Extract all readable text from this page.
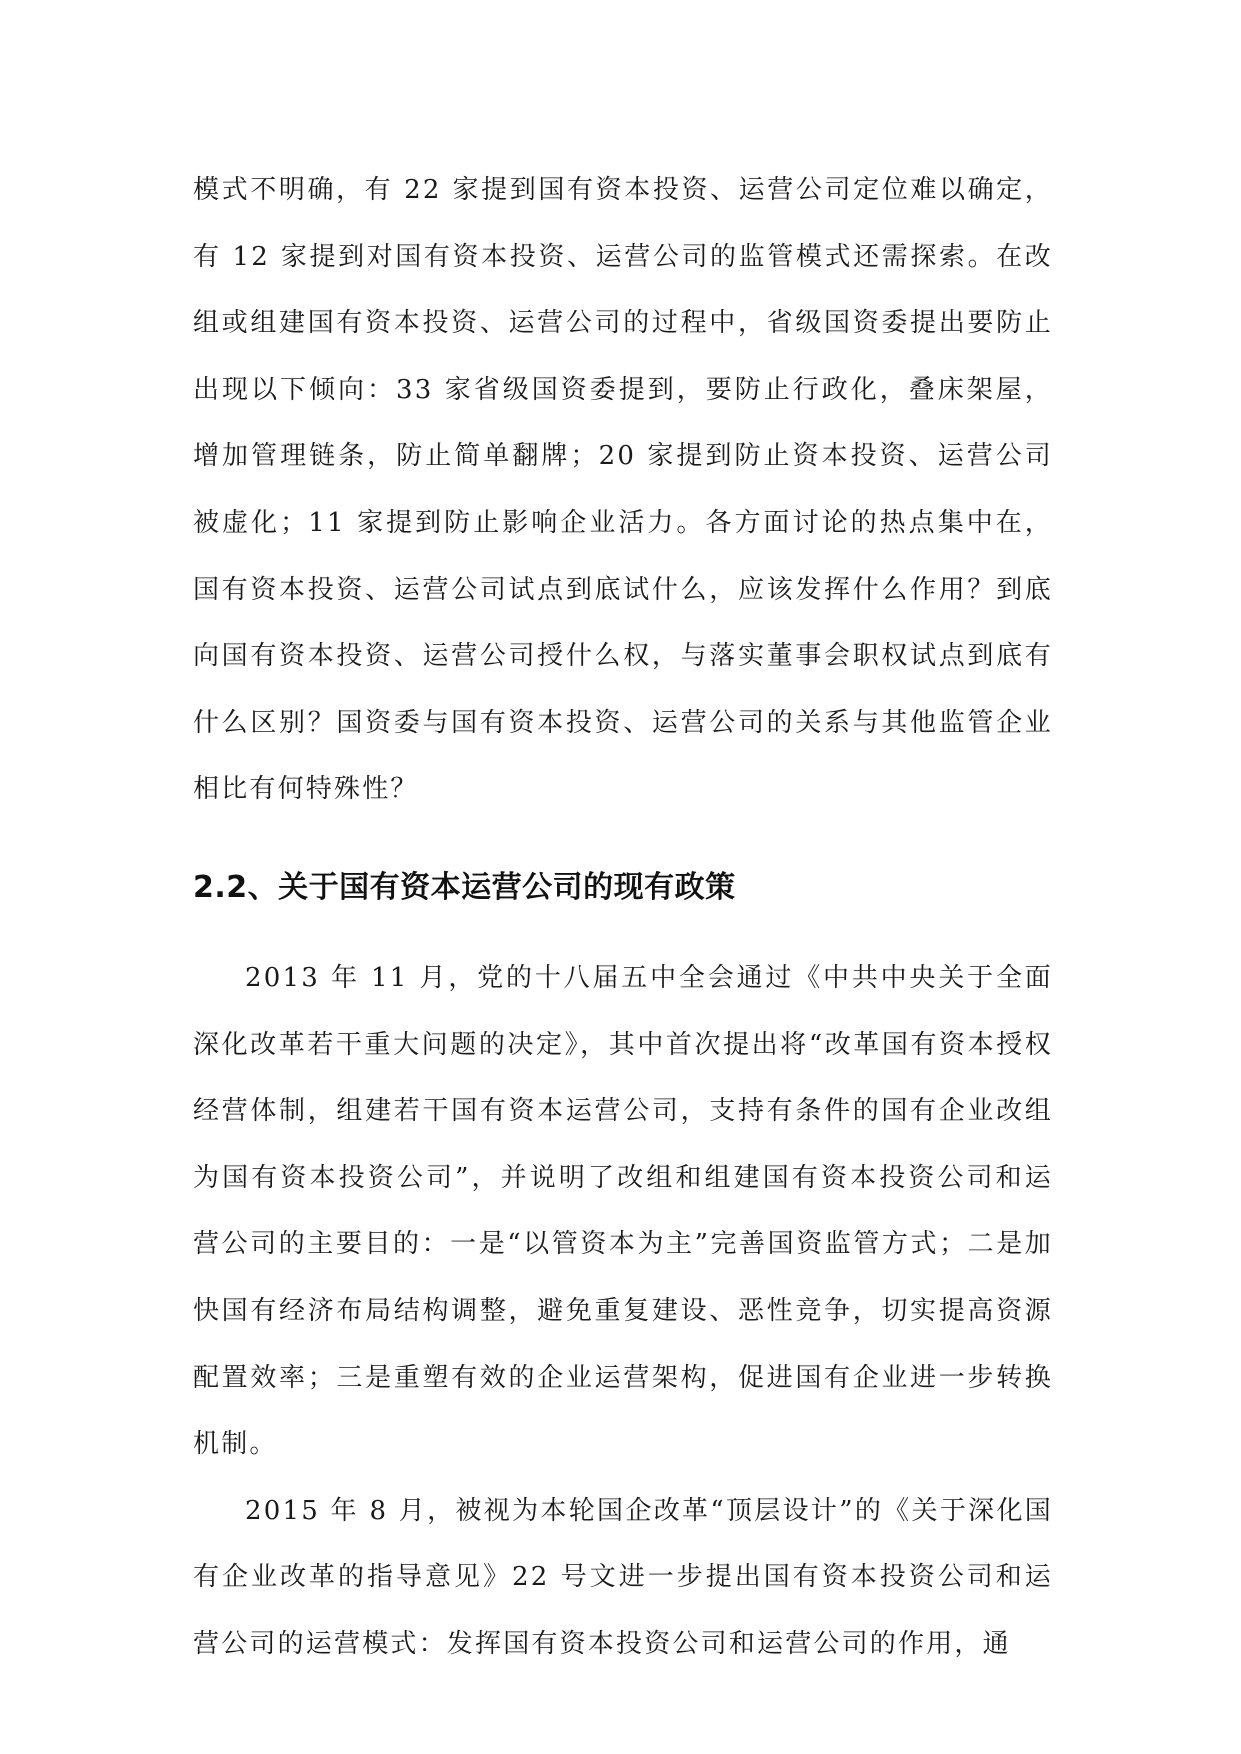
模式不明确，有 22 家提到国有资本投资、运营公司定位难以确定，有 12 家提到对国有资本投资、运营公司的监管模式还需探索。在改组或组建国有资本投资、运营公司的过程中，省级国资委提出要防止出现以下倾向：33 家省级国资委提到，要防止行政化，叠床架屋，增加管理链条，防止简单翻牌；20 家提到防止资本投资、运营公司被虚化；11 家提到防止影响企业活力。各方面讨论的热点集中在，国有资本投资、运营公司试点到底试什么，应该发挥什么作用？到底向国有资本投资、运营公司授什么权，与落实董事会职权试点到底有什么区别？国资委与国有资本投资、运营公司的关系与其他监管企业相比有何特殊性？

2.2、关于国有资本运营公司的现有政策

2013 年 11 月，党的十八届五中全会通过《中共中央关于全面深化改革若干重大问题的决定》，其中首次提出将“改革国有资本授权经营体制，组建若干国有资本运营公司，支持有条件的国有企业改组为国有资本投资公司”，并说明了改组和组建国有资本投资公司和运营公司的主要目的：一是“以管资本为主”完善国资监管方式；二是加快国有经济布局结构调整，避免重复建设、恶性竞争，切实提高资源配置效率；三是重塑有效的企业运营架构，促进国有企业进一步转换机制。

2015 年 8 月，被视为本轮国企改革“顶层设计”的《关于深化国有企业改革的指导意见》22 号文进一步提出国有资本投资公司和运营公司的运营模式：发挥国有资本投资公司和运营公司的作用，通
